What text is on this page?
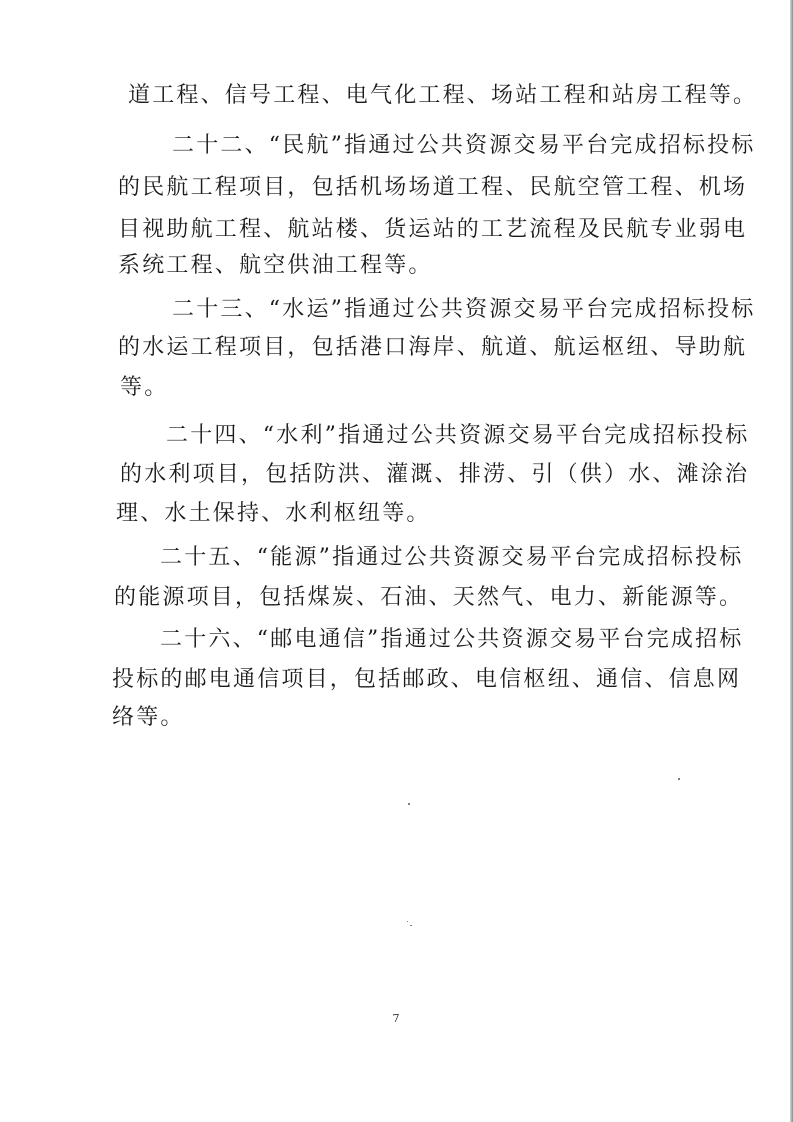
道工程、信号工程、电气化工程、场站工程和站房工程等。
二十二、“民航”指通过公共资源交易平台完成招标投标
的民航工程项目，包括机场场道工程、民航空管工程、机场
目视助航工程、航站楼、货运站的工艺流程及民航专业弱电
系统工程、航空供油工程等。
二十三、“水运”指通过公共资源交易平台完成招标投标
的水运工程项目，包括港口海岸、航道、航运枢纽、导助航
等。
二十四、“水利”指通过公共资源交易平台完成招标投标
的水利项目，包括防洪、灌溉、排涝、引（供）水、滩涂治
理、水土保持、水利枢纽等。
二十五、“能源”指通过公共资源交易平台完成招标投标
的能源项目，包括煤炭、石油、天然气、电力、新能源等。
二十六、“邮电通信”指通过公共资源交易平台完成招标
投标的邮电通信项目，包括邮政、电信枢纽、通信、信息网
络等。
7
